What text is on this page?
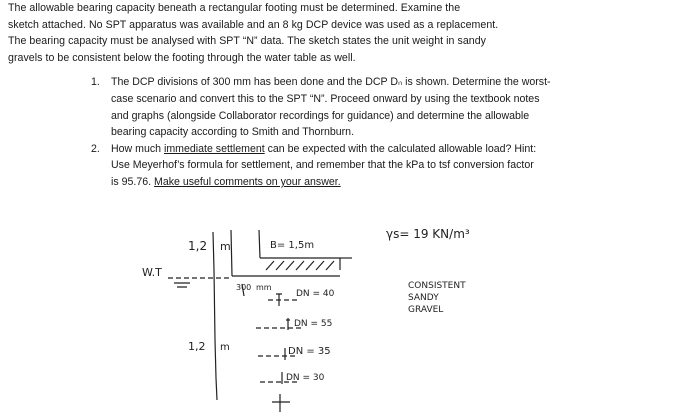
The allowable bearing capacity beneath a rectangular footing must be determined. Examine the
sketch attached. No SPT apparatus was available and an 8 kg DCP device was used as a replacement.
The bearing capacity must be analysed with SPT “N” data. The sketch states the unit weight in sandy
gravels to be consistent below the footing through the water table as well.

1. The DCP divisions of 300 mm has been done and the DCP Dₙ is shown. Determine the worst-
case scenario and convert this to the SPT “N”. Proceed onward by using the textbook notes
and graphs (alongside Collaborator recordings for guidance) and determine the allowable
bearing capacity according to Smith and Thornburn.
2. How much immediate settlement can be expected with the calculated allowable load? Hint:
Use Meyerhof’s formula for settlement, and remember that the kPa to tsf conversion factor
is 95.76. Make useful comments on your answer.
1,2 m	B= 1,5m
γs= 19 KN/m³
W.T
300 mm
DN = 40
DN = 55
DN = 35
DN = 30
1,2 m
CONSISTENT
SANDY
GRAVEL
